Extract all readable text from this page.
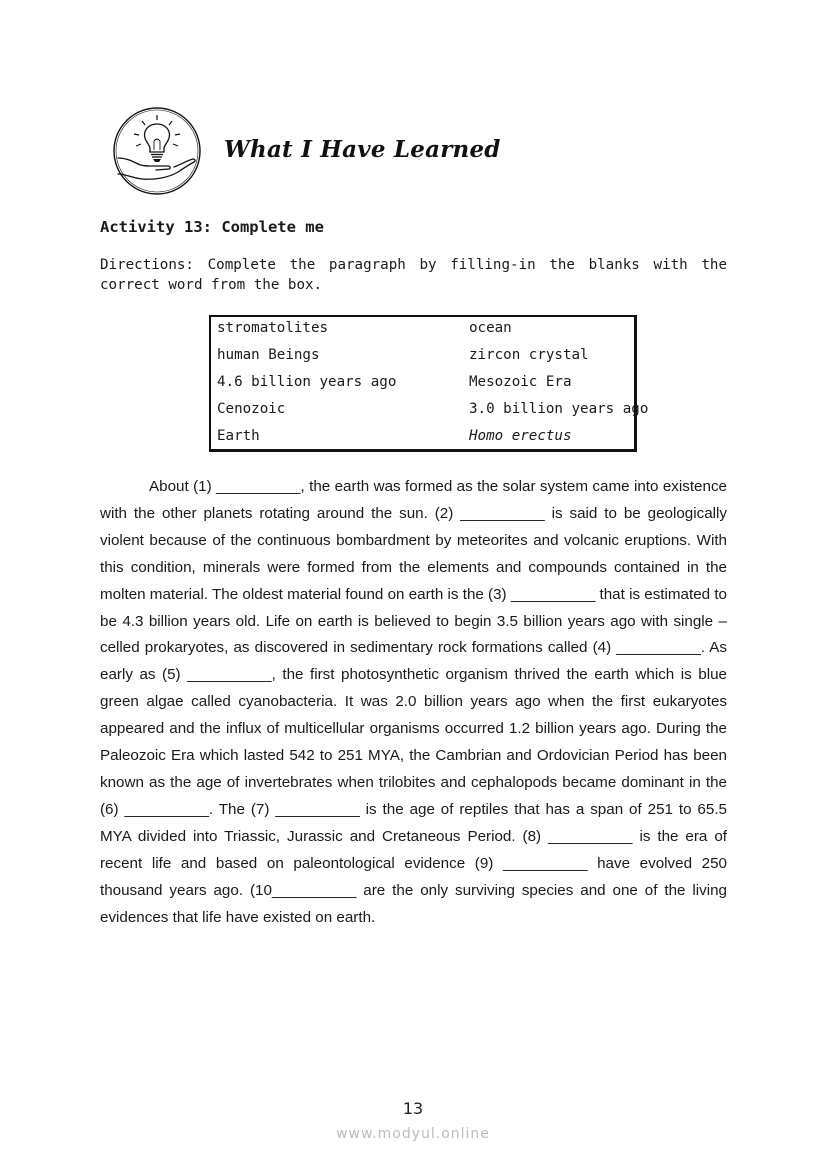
What I Have Learned
Activity 13: Complete me

Directions: Complete the paragraph by filling-in the blanks with the correct word from the box.

stromatolites
human Beings
4.6 billion years ago
Cenozoic
Earth
ocean
zircon crystal
Mesozoic Era
3.0 billion years ago
Homo erectus

About (1) __________, the earth was formed as the solar system came into existence with the other planets rotating around the sun. (2) __________ is said to be geologically violent because of the continuous bombardment by meteorites and volcanic eruptions. With this condition, minerals were formed from the elements and compounds contained in the molten material. The oldest material found on earth is the (3) __________ that is estimated to be 4.3 billion years old. Life on earth is believed to begin 3.5 billion years ago with single –celled prokaryotes, as discovered in sedimentary rock formations called (4) __________. As early as (5) __________, the first photosynthetic organism thrived the earth which is blue green algae called cyanobacteria. It was 2.0 billion years ago when the first eukaryotes appeared and the influx of multicellular organisms occurred 1.2 billion years ago. During the Paleozoic Era which lasted 542 to 251 MYA, the Cambrian and Ordovician Period has been known as the age of invertebrates when trilobites and cephalopods became dominant in the (6) __________. The (7) __________ is the age of reptiles that has a span of 251 to 65.5 MYA divided into Triassic, Jurassic and Cretaneous Period. (8) __________ is the era of recent life and based on paleontological evidence (9) __________ have evolved 250 thousand years ago. (10__________ are the only surviving species and one of the living evidences that life have existed on earth.

13
www.modyul.online
